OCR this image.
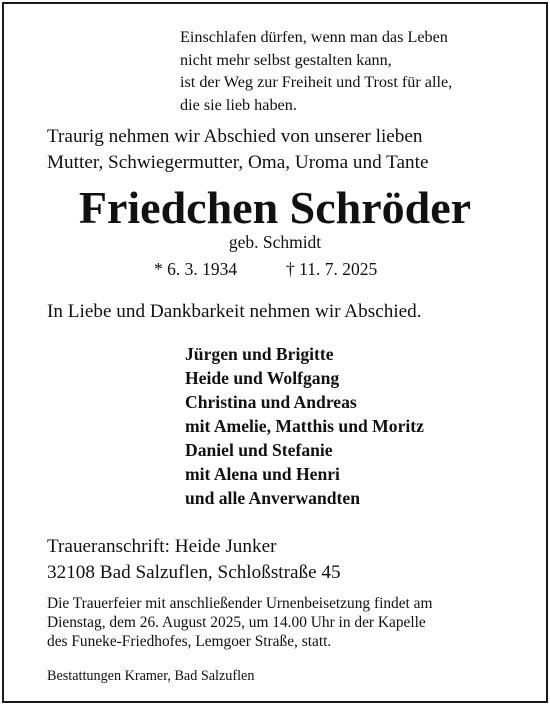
Einschlafen dürfen, wenn man das Leben
nicht mehr selbst gestalten kann,
ist der Weg zur Freiheit und Trost für alle,
die sie lieb haben.
Traurig nehmen wir Abschied von unserer lieben
Mutter, Schwiegermutter, Oma, Uroma und Tante
Friedchen Schröder
geb. Schmidt
* 6. 3. 1934	† 11. 7. 2025
In Liebe und Dankbarkeit nehmen wir Abschied.
Jürgen und Brigitte
Heide und Wolfgang
Christina und Andreas
mit Amelie, Matthis und Moritz
Daniel und Stefanie
mit Alena und Henri
und alle Anverwandten
Traueranschrift: Heide Junker
32108 Bad Salzuflen, Schloßstraße 45
Die Trauerfeier mit anschließender Urnenbeisetzung findet am
Dienstag, dem 26. August 2025, um 14.00 Uhr in der Kapelle
des Funeke-Friedhofes, Lemgoer Straße, statt.
Bestattungen Kramer, Bad Salzuflen
